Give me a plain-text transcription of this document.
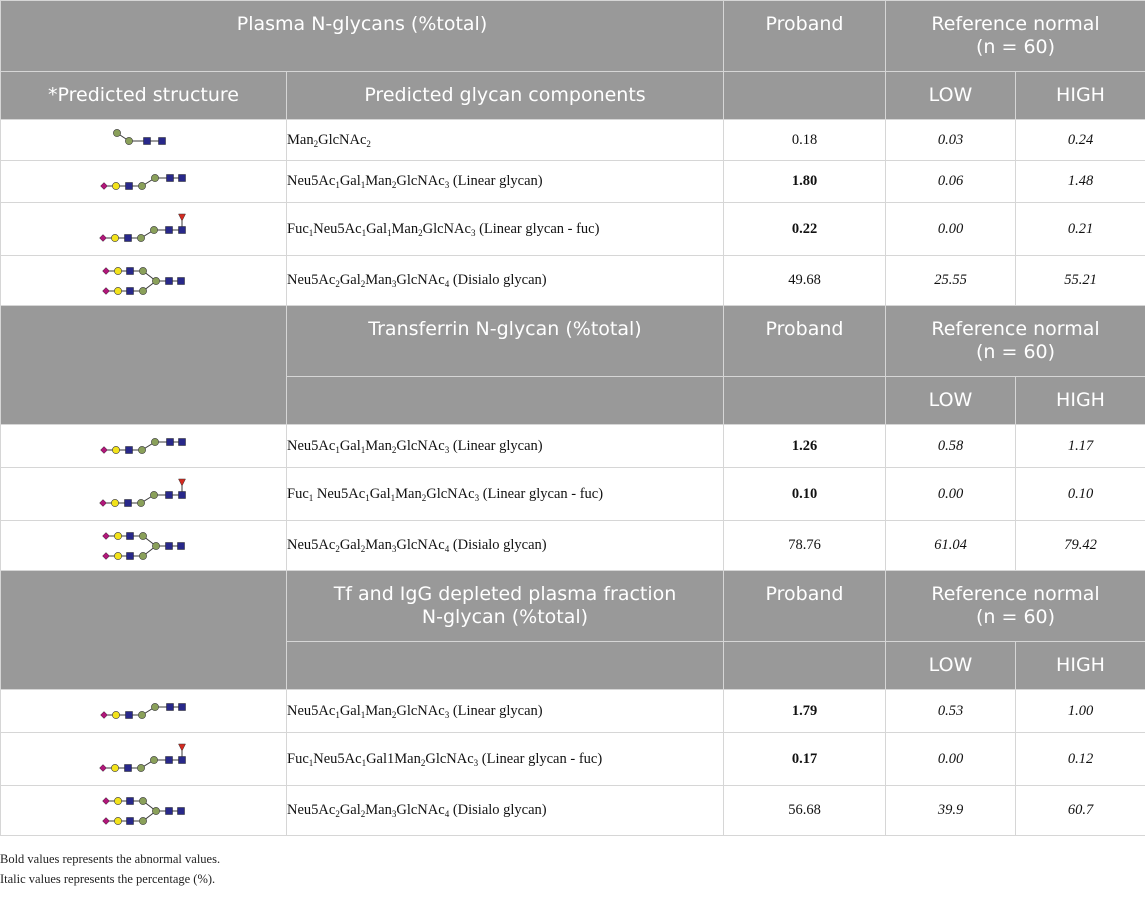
Plasma N-glycans (%total)		Proband	Reference normal
(n = 60)	

*Predicted structure	Predicted glycan components		LOW	HIGH

	Man$_2$GlcNAc$_2$	0.18	0.03	0.24

	$Neu5Ac_1Gal_1Man_2GlcNAc_3$ (Linear glycan)	1.80	0.06	1.48

	$Fuc_1Neu5Ac_1Gal_1Man_2GlcNAc_3$ (Linear glycan - fuc)	0.22	0.00	0.21

	$Neu5Ac_2Gal_2Man_3GlcNAc_4$ (Disialo glycan)	49.68	25.55	55.21
	Transferrin N-glycan (%total)	Proband	Reference normal
(n = 60)	

			LOW	HIGH

	$Neu5Ac_1Gal_1Man_2GlcNAc_3$ (Linear glycan)	1.26	0.58	1.17

	Fuc$_1$ $Neu5Ac_1Gal_1Man_2GlcNAc_3$ (Linear glycan - fuc)	0.10	0.00	0.10

	$Neu5Ac_2Gal_2Man_3GlcNAc_4$ (Disialo glycan)	78.76	61.04	79.42

	Tf and IgG depleted plasma fraction
N-glycan (%total)	Proband	Reference normal
(n = 60)	

			LOW	HIGH

	$Neu5Ac_1Gal_1Man_2GlcNAc_3$ (Linear glycan)	1.79	0.53	1.00

	$Fuc_1Neu5Ac_1Gal1Man_2GlcNAc_3$ (Linear glycan - fuc)	0.17	0.00	0.12

	$Neu5Ac_2Gal_2Man_3GlcNAc_4$ (Disialo glycan)	56.68	39.9	60.7
Bold values represents the abnormal values.
Italic values represents the percentage (%).
